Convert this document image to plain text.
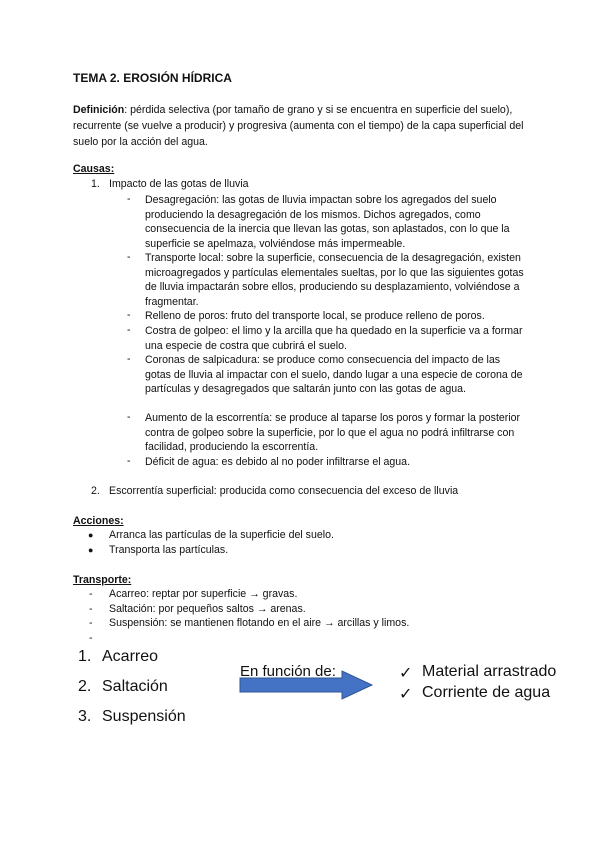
TEMA 2. EROSIÓN HÍDRICA
Definición: pérdida selectiva (por tamaño de grano y si se encuentra en superficie del suelo), recurrente (se vuelve a producir) y progresiva (aumenta con el tiempo) de la capa superficial del suelo por la acción del agua.
Causas:
1. Impacto de las gotas de lluvia
-	Desagregación: las gotas de lluvia impactan sobre los agregados del suelo produciendo la desagregación de los mismos. Dichos agregados, como consecuencia de la inercia que llevan las gotas, son aplastados, con lo que la superficie se apelmaza, volviéndose más impermeable.
-	Transporte local: sobre la superficie, consecuencia de la desagregación, existen microagregados y partículas elementales sueltas, por lo que las siguientes gotas de lluvia impactarán sobre ellos, produciendo su desplazamiento, volviéndose a fragmentar.
-	Relleno de poros: fruto del transporte local, se produce relleno de poros.
-	Costra de golpeo: el limo y la arcilla que ha quedado en la superficie va a formar una especie de costra que cubrirá el suelo.
-	Coronas de salpicadura: se produce como consecuencia del impacto de las gotas de lluvia al impactar con el suelo, dando lugar a una especie de corona de partículas y desagregados que saltarán junto con las gotas de agua.
-	Aumento de la escorrentía: se produce al taparse los poros y formar la posterior contra de golpeo sobre la superficie, por lo que el agua no podrá infiltrarse con facilidad, produciendo la escorrentía.
-	Déficit de agua: es debido al no poder infiltrarse el agua.
2. Escorrentía superficial: producida como consecuencia del exceso de lluvia
Acciones:
● Arranca las partículas de la superficie del suelo.
● Transporta las partículas.
Transporte:
- Acarreo: reptar por superficie → gravas.
- Saltación: por pequeños saltos → arenas.
- Suspensión: se mantienen flotando en el aire → arcillas y limos.
-
1. Acarreo
2. Saltación
3. Suspensión
En función de:	✓ Material arrastrado
✓ Corriente de agua
